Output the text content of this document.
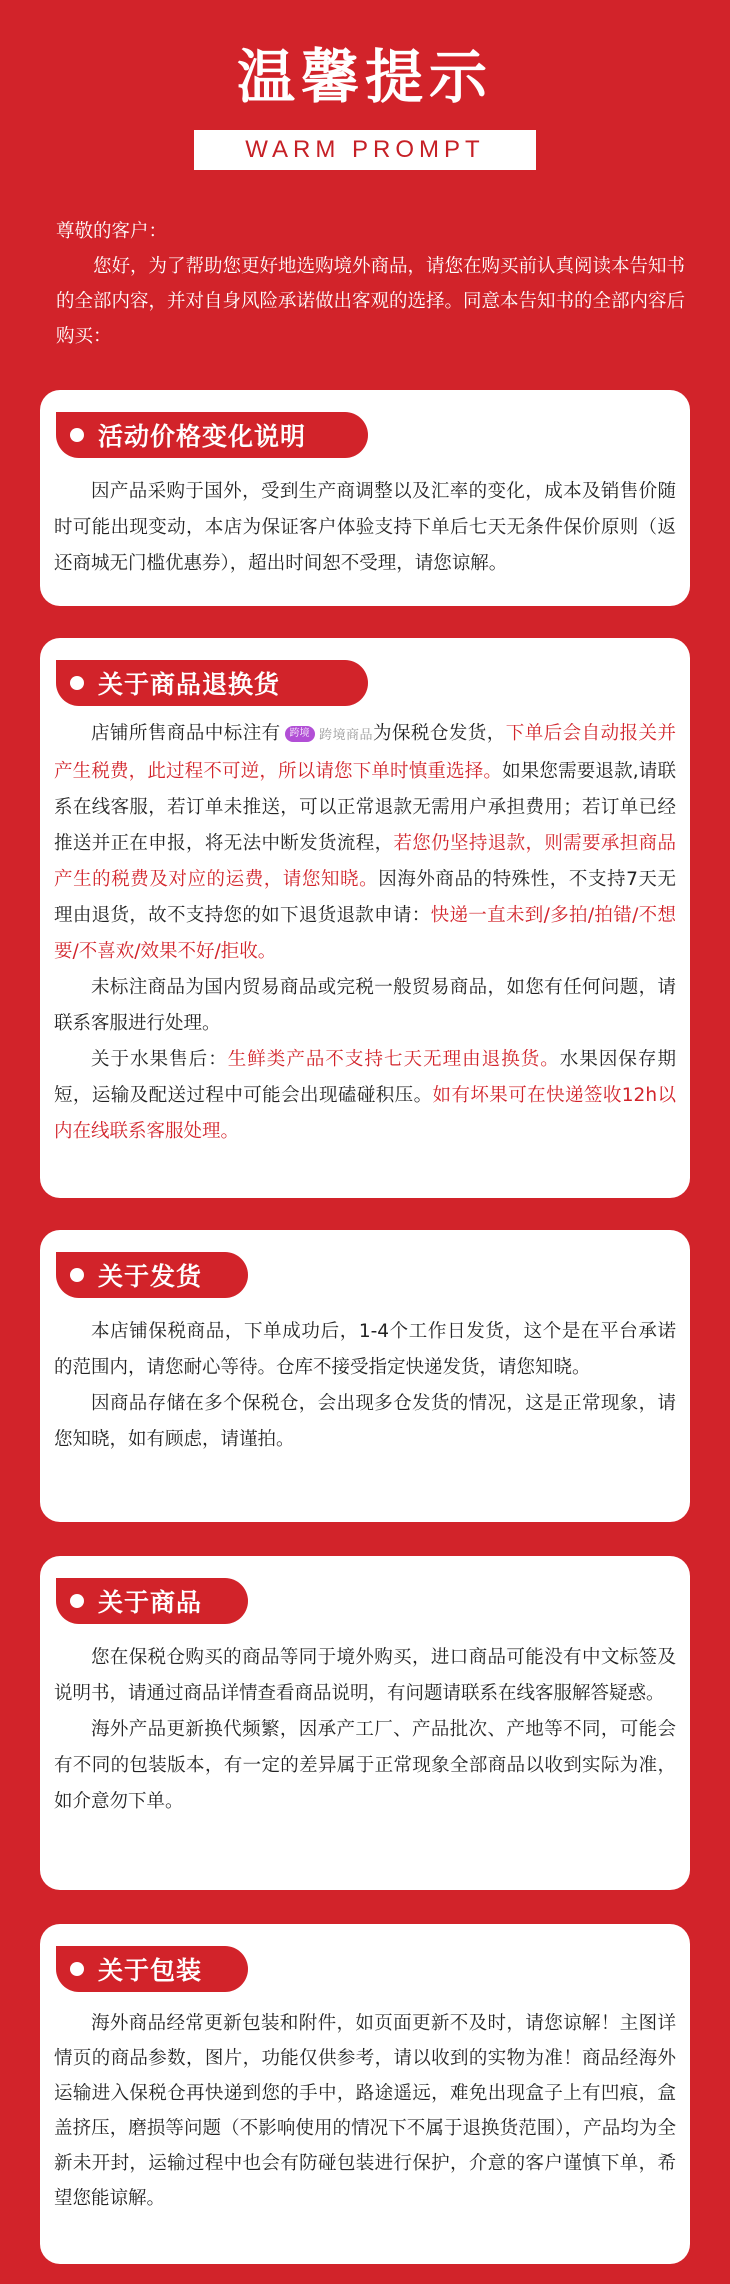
温馨提示
WARM PROMPT

尊敬的客户：

您好，为了帮助您更好地选购境外商品，请您在购买前认真阅读本告知书的全部内容，并对自身风险承诺做出客观的选择。同意本告知书的全部内容后购买：

活动价格变化说明

因产品采购于国外，受到生产商调整以及汇率的变化，成本及销售价随时可能出现变动，本店为保证客户体验支持下单后七天无条件保价原则（返还商城无门槛优惠券），超出时间恕不受理，请您谅解。

关于商品退换货

店铺所售商品中标注有 跨境 跨境商品为保税仓发货，下单后会自动报关并产生税费，此过程不可逆，所以请您下单时慎重选择。如果您需要退款,请联系在线客服，若订单未推送，可以正常退款无需用户承担费用；若订单已经推送并正在申报，将无法中断发货流程，若您仍坚持退款，则需要承担商品产生的税费及对应的运费，请您知晓。因海外商品的特殊性，不支持7天无理由退货，故不支持您的如下退货退款申请：快递一直未到/多拍/拍错/不想要/不喜欢/效果不好/拒收。

未标注商品为国内贸易商品或完税一般贸易商品，如您有任何问题，请联系客服进行处理。

关于水果售后：生鲜类产品不支持七天无理由退换货。水果因保存期短，运输及配送过程中可能会出现磕碰积压。如有坏果可在快递签收12h以内在线联系客服处理。

关于发货

本店铺保税商品，下单成功后，1-4个工作日发货，这个是在平台承诺的范围内，请您耐心等待。仓库不接受指定快递发货，请您知晓。

因商品存储在多个保税仓，会出现多仓发货的情况，这是正常现象，请您知晓，如有顾虑，请谨拍。

关于商品

您在保税仓购买的商品等同于境外购买，进口商品可能没有中文标签及说明书，请通过商品详情查看商品说明，有问题请联系在线客服解答疑惑。

海外产品更新换代频繁，因承产工厂、产品批次、产地等不同，可能会有不同的包装版本，有一定的差异属于正常现象全部商品以收到实际为准，如介意勿下单。

关于包装

海外商品经常更新包装和附件，如页面更新不及时，请您谅解！主图详情页的商品参数，图片，功能仅供参考，请以收到的实物为准！商品经海外运输进入保税仓再快递到您的手中，路途遥远，难免出现盒子上有凹痕，盒盖挤压，磨损等问题（不影响使用的情况下不属于退换货范围），产品均为全新未开封，运输过程中也会有防碰包装进行保护，介意的客户谨慎下单，希望您能谅解。
